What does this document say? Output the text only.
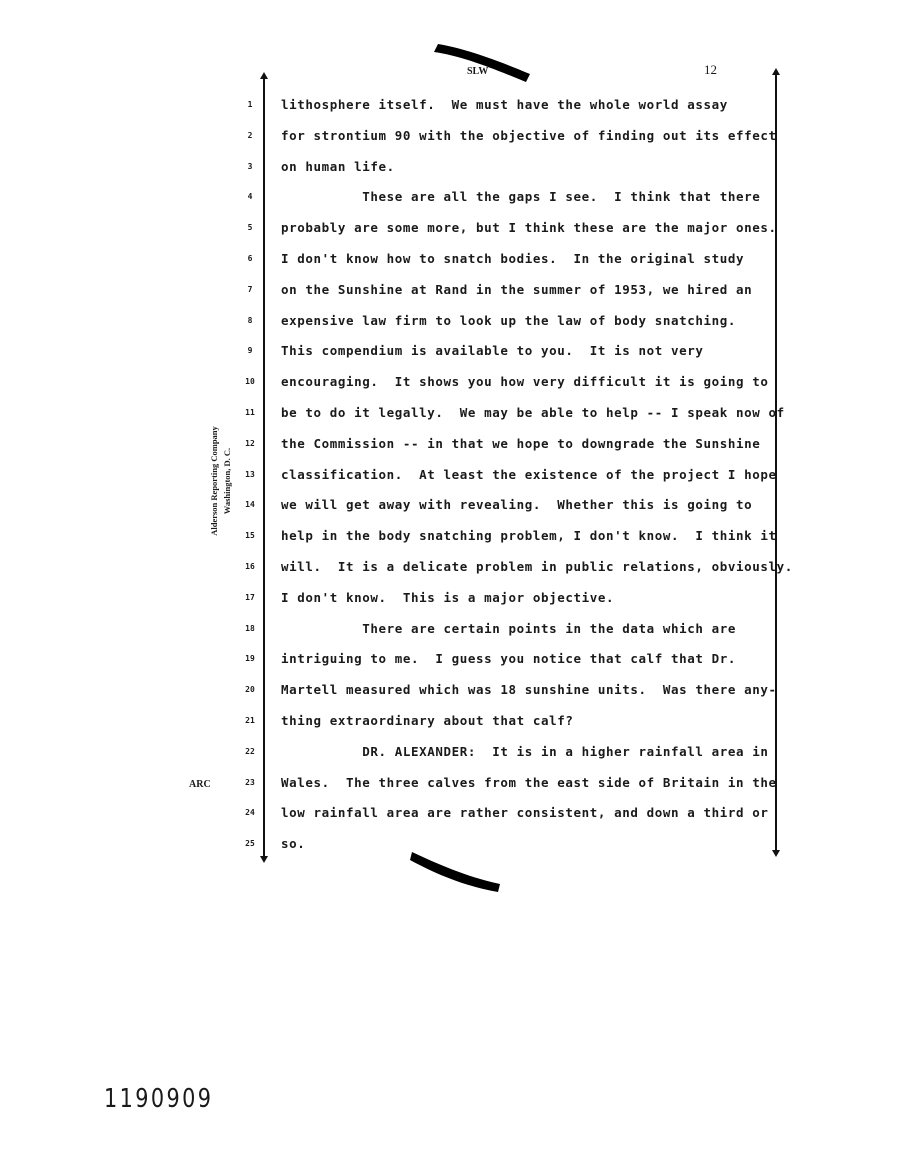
SLW	12
Alderson Reporting Company Washington, D. C.
ARC
1	lithosphere itself.  We must have the whole world assay
2	for strontium 90 with the objective of finding out its effect
3	on human life.
4	These are all the gaps I see.  I think that there
5	probably are some more, but I think these are the major ones.
6	I don't know how to snatch bodies.  In the original study
7	on the Sunshine at Rand in the summer of 1953, we hired an
8	expensive law firm to look up the law of body snatching.
9	This compendium is available to you.  It is not very
10	encouraging.  It shows you how very difficult it is going to
11	be to do it legally.  We may be able to help -- I speak now of
12	the Commission -- in that we hope to downgrade the Sunshine
13	classification.  At least the existence of the project I hope
14	we will get away with revealing.  Whether this is going to
15	help in the body snatching problem, I don't know.  I think it
16	will.  It is a delicate problem in public relations, obviously.
17	I don't know.  This is a major objective.
18	There are certain points in the data which are
19	intriguing to me.  I guess you notice that calf that Dr.
20	Martell measured which was 18 sunshine units.  Was there any-
21	thing extraordinary about that calf?
22	DR. ALEXANDER:  It is in a higher rainfall area in
23	Wales.  The three calves from the east side of Britain in the
24	low rainfall area are rather consistent, and down a third or
25	so.
1190909
